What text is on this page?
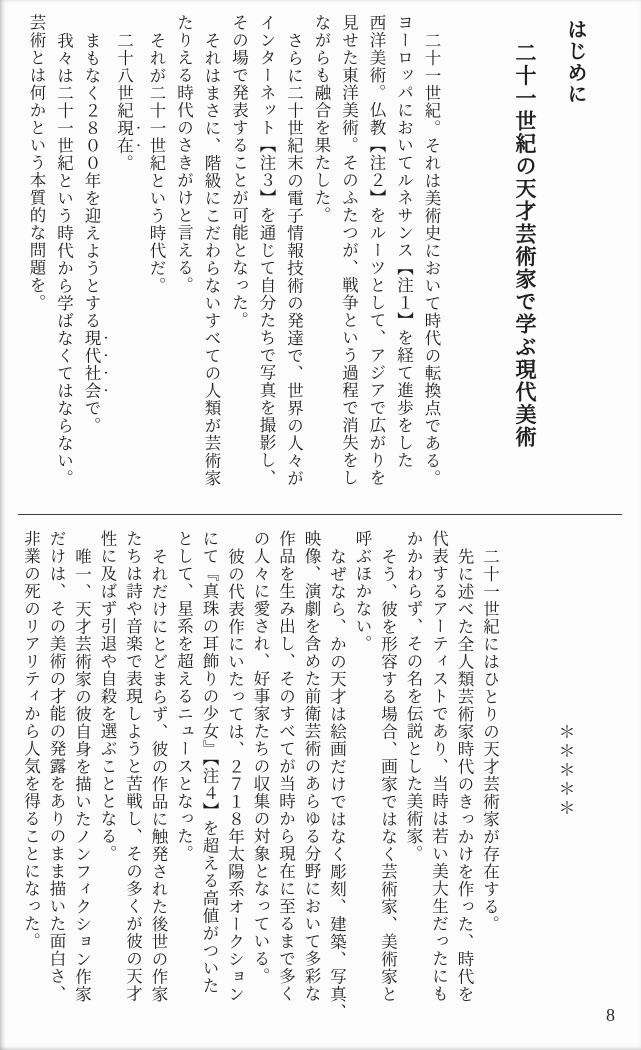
はじめに
二十一世紀の天才芸術家で学ぶ現代美術
二十一世紀。それは美術史において時代の転換点である。
ヨーロッパにおいてルネサンス【注１】を経て進歩をした
西洋美術。仏教【注２】をルーツとして、アジアで広がりを
見せた東洋美術。そのふたつが、戦争という過程で消失をし
ながらも融合を果たした。
さらに二十世紀末の電子情報技術の発達で、世界の人々が
インターネット【注３】を通じて自分たちで写真を撮影し、
その場で発表することが可能となった。
それはまさに、階級にこだわらないすべての人類が芸術家
たりえる時代のさきがけと言える。
それが二十一世紀という時代だ。
二十八世紀現在。
まもなく２８００年を迎えようとする現代社会で。
我々は二十一世紀という時代から学ばなくてはならない。
芸術とは何かという本質的な問題を。
＊＊＊＊＊
二十一世紀にはひとりの天才芸術家が存在する。
先に述べた全人類芸術家時代のきっかけを作った、時代を
代表するアーティストであり、当時は若い美大生だったにも
かかわらず、その名を伝説とした美術家。
そう、彼を形容する場合、画家ではなく芸術家、美術家と
呼ぶほかない。
なぜなら、かの天才は絵画だけではなく彫刻、建築、写真、
映像、演劇を含めた前衛芸術のあらゆる分野において多彩な
作品を生み出し、そのすべてが当時から現在に至るまで多く
の人々に愛され、好事家たちの収集の対象となっている。
彼の代表作にいたっては、２７１８年太陽系オークション
にて『真珠の耳飾りの少女』【注４】を超える高値がついた
として、星系を超えるニュースとなった。
それだけにとどまらず、彼の作品に触発された後世の作家
たちは詩や音楽で表現しようと苦戦し、その多くが彼の天才
性に及ばず引退や自殺を選ぶこととなる。
唯一、天才芸術家の彼自身を描いたノンフィクション作家
だけは、その美術の才能の発露をありのまま描いた面白さ、
非業の死のリアリティから人気を得ることになった。
8
